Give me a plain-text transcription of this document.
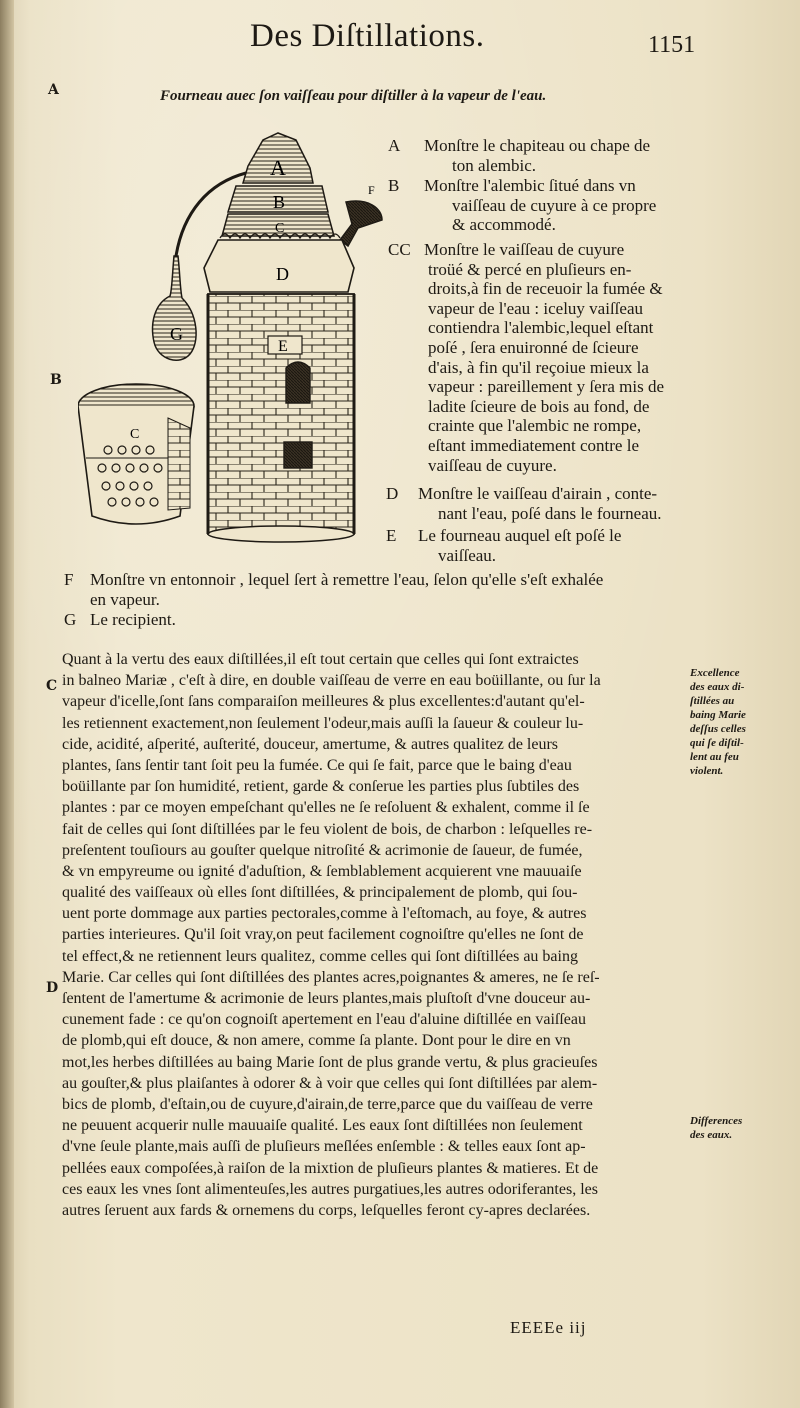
Des Diſtillations.	1151
A	Fourneau auec ſon vaiſſeau pour diſtiller à la vapeur de l'eau.
A
B
C
F
D
E
G
C
A Monſtre le chapiteau ou chape de
ton alembic.
B Monſtre l'alembic ſitué dans vn
vaiſſeau de cuyure à ce propre
& accommodé.
CC Monſtre le vaiſſeau de cuyure
troüé & percé en pluſieurs en-
droits,à fin de receuoir la fumée &
vapeur de l'eau : iceluy vaiſſeau
contiendra l'alembic,lequel eſtant
poſé , ſera enuironné de ſcieure
d'ais, à fin qu'il reçoiue mieux la
vapeur : pareillement y ſera mis de
ladite ſcieure de bois au fond, de
crainte que l'alembic ne rompe,
eſtant immediatement contre le
vaiſſeau de cuyure.
D Monſtre le vaiſſeau d'airain , conte-
nant l'eau, poſé dans le fourneau.
E Le fourneau auquel eſt poſé le
vaiſſeau.
F Monſtre vn entonnoir , lequel ſert à remettre l'eau, ſelon qu'elle s'eſt exhalée
en vapeur.
G Le recipient.
Quant à la vertu des eaux diſtillées,il eſt tout certain que celles qui ſont extraictes
in balneo Mariæ , c'eſt à dire, en double vaiſſeau de verre en eau boüillante, ou ſur la
vapeur d'icelle,ſont ſans comparaiſon meilleures & plus excellentes:d'autant qu'el-
les retiennent exactement,non ſeulement l'odeur,mais auſſi la ſaueur & couleur lu-
cide, acidité, aſperité, auſterité, douceur, amertume, & autres qualitez de leurs
plantes, ſans ſentir tant ſoit peu la fumée. Ce qui ſe fait, parce que le baing d'eau
boüillante par ſon humidité, retient, garde & conſerue les parties plus ſubtiles des
plantes : par ce moyen empeſchant qu'elles ne ſe reſoluent & exhalent, comme il ſe
fait de celles qui ſont diſtillées par le feu violent de bois, de charbon : leſquelles re-
preſentent touſiours au gouſter quelque nitroſité & acrimonie de ſaueur, de fumée,
& vn empyreume ou ignité d'aduſtion, & ſemblablement acquierent vne mauuaiſe
qualité des vaiſſeaux où elles ſont diſtillées, & principalement de plomb, qui ſou-
uent porte dommage aux parties pectorales,comme à l'eſtomach, au foye, & autres
parties interieures. Qu'il ſoit vray,on peut facilement cognoiſtre qu'elles ne ſont de
tel effect,& ne retiennent leurs qualitez, comme celles qui ſont diſtillées au baing
Marie. Car celles qui ſont diſtillées des plantes acres,poignantes & ameres, ne ſe reſ-
ſentent de l'amertume & acrimonie de leurs plantes,mais pluſtoſt d'vne douceur au-
cunement fade : ce qu'on cognoiſt apertement en l'eau d'aluine diſtillée en vaiſſeau
de plomb,qui eſt douce, & non amere, comme ſa plante. Dont pour le dire en vn
mot,les herbes diſtillées au baing Marie ſont de plus grande vertu, & plus gracieuſes
au gouſter,& plus plaiſantes à odorer & à voir que celles qui ſont diſtillées par alem-
bics de plomb, d'eſtain,ou de cuyure,d'airain,de terre,parce que du vaiſſeau de verre
ne peuuent acquerir nulle mauuaiſe qualité. Les eaux ſont diſtillées non ſeulement
d'vne ſeule plante,mais auſſi de pluſieurs meſlées enſemble : & telles eaux ſont ap-
pellées eaux compoſées,à raiſon de la mixtion de pluſieurs plantes & matieres. Et de
ces eaux les vnes ſont alimenteuſes,les autres purgatiues,les autres odoriferantes, les
autres ſeruent aux fards & ornemens du corps, leſquelles feront cy-apres declarées.
Excellence
des eaux di-
ſtillées au
baing Marie
deſſus celles
qui ſe diſtil-
lent au feu
violent.
Differences
des eaux.
B
C
D
EEEEe iij
